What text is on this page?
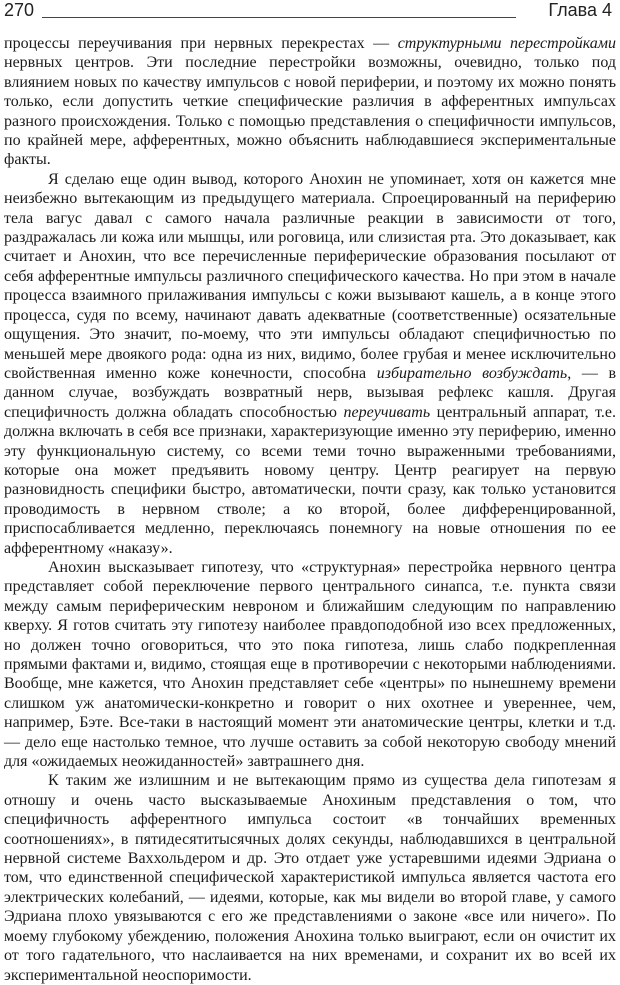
270	Глава 4

процессы переучивания при нервных перекрестах — структурными перестройками нервных центров. Эти последние перестройки возможны, очевидно, только под влиянием новых по качеству импульсов с новой периферии, и поэтому их можно понять только, если допустить четкие специфические различия в афферентных импульсах разного происхождения. Только с помощью представления о специфичности импульсов, по крайней мере, афферентных, можно объяснить наблюдавшиеся экспериментальные факты.

Я сделаю еще один вывод, которого Анохин не упоминает, хотя он кажется мне неизбежно вытекающим из предыдущего материала. Спроецированный на периферию тела вагус давал с самого начала различные реакции в зависимости от того, раздражалась ли кожа или мышцы, или роговица, или слизистая рта. Это доказывает, как считает и Анохин, что все перечисленные периферические образования посылают от себя афферентные импульсы различного специфического качества. Но при этом в начале процесса взаимного прилаживания импульсы с кожи вызывают кашель, а в конце этого процесса, судя по всему, начинают давать адекватные (соответственные) осязательные ощущения. Это значит, по-моему, что эти импульсы обладают специфичностью по меньшей мере двоякого рода: одна из них, видимо, более грубая и менее исключительно свойственная именно коже конечности, способна избирательно возбуждать, — в данном случае, возбуждать возвратный нерв, вызывая рефлекс кашля. Другая специфичность должна обладать способностью переучивать центральный аппарат, т.е. должна включать в себя все признаки, характеризующие именно эту периферию, именно эту функциональную систему, со всеми теми точно выраженными требованиями, которые она может предъявить новому центру. Центр реагирует на первую разновидность специфики быстро, автоматически, почти сразу, как только установится проводимость в нервном стволе; а ко второй, более дифференцированной, приспосабливается медленно, переключаясь понемногу на новые отношения по ее афферентному «наказу».

Анохин высказывает гипотезу, что «структурная» перестройка нервного центра представляет собой переключение первого центрального синапса, т.е. пункта связи между самым периферическим невроном и ближайшим следующим по направлению кверху. Я готов считать эту гипотезу наиболее правдоподобной изо всех предложенных, но должен точно оговориться, что это пока гипотеза, лишь слабо подкрепленная прямыми фактами и, видимо, стоящая еще в противоречии с некоторыми наблюдениями. Вообще, мне кажется, что Анохин представляет себе «центры» по нынешнему времени слишком уж анатомически-конкретно и говорит о них охотнее и увереннее, чем, например, Бэте. Все-таки в настоящий момент эти анатомические центры, клетки и т.д. — дело еще настолько темное, что лучше оставить за собой некоторую свободу мнений для «ожидаемых неожиданностей» завтрашнего дня.

К таким же излишним и не вытекающим прямо из существа дела гипотезам я отношу и очень часто высказываемые Анохиным представления о том, что специфичность афферентного импульса состоит «в тончайших временных соотношениях», в пятидесятитысячных долях секунды, наблюдавшихся в центральной нервной системе Ваххольдером и др. Это отдает уже устаревшими идеями Эдриана о том, что единственной специфической характеристикой импульса является частота его электрических колебаний, — идеями, которые, как мы видели во второй главе, у самого Эдриана плохо увязываются с его же представлениями о законе «все или ничего». По моему глубокому убеждению, положения Анохина только выиграют, если он очистит их от того гадательного, что наслаивается на них временами, и сохранит их во всей их экспериментальной неоспоримости.
